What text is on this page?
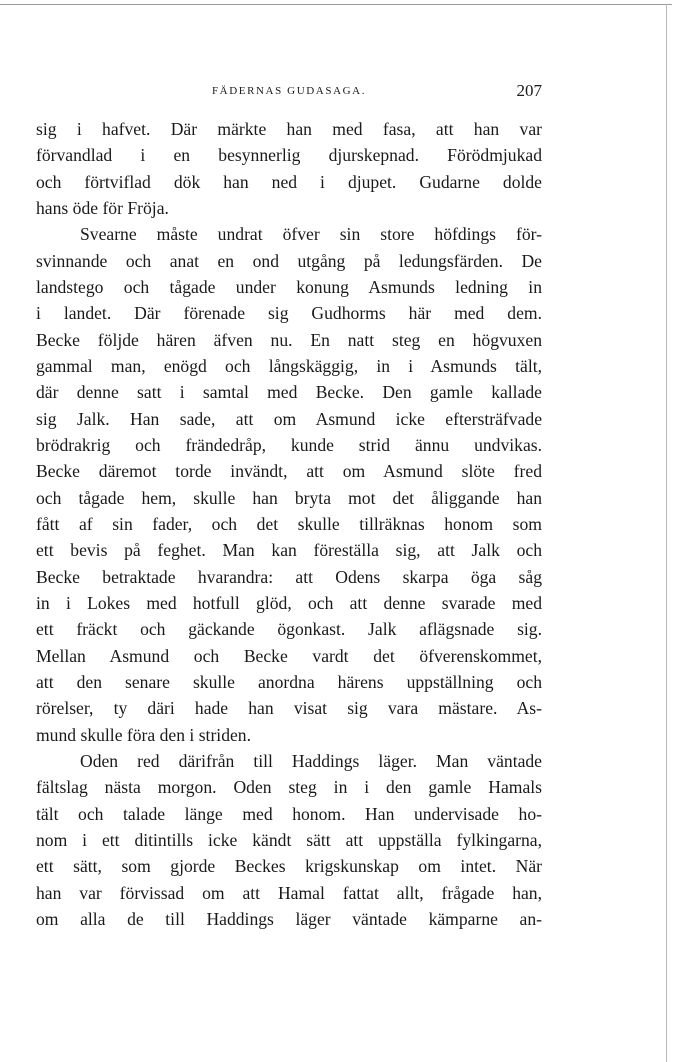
FÄDERNAS GUDASAGA.	207
sig i hafvet. Där märkte han med fasa, att han var
förvandlad i en besynnerlig djurskepnad. Förödmjukad
och förtviflad dök han ned i djupet. Gudarne dolde
hans öde för Fröja.
Svearne måste undrat öfver sin store höfdings för-
svinnande och anat en ond utgång på ledungsfärden. De
landstego och tågade under konung Asmunds ledning in
i landet. Där förenade sig Gudhorms här med dem.
Becke följde hären äfven nu. En natt steg en högvuxen
gammal man, enögd och långskäggig, in i Asmunds tält,
där denne satt i samtal med Becke. Den gamle kallade
sig Jalk. Han sade, att om Asmund icke eftersträfvade
brödrakrig och frändedråp, kunde strid ännu undvikas.
Becke däremot torde invändt, att om Asmund slöte fred
och tågade hem, skulle han bryta mot det åliggande han
fått af sin fader, och det skulle tillräknas honom som
ett bevis på feghet. Man kan föreställa sig, att Jalk och
Becke betraktade hvarandra: att Odens skarpa öga såg
in i Lokes med hotfull glöd, och att denne svarade med
ett fräckt och gäckande ögonkast. Jalk aflägsnade sig.
Mellan Asmund och Becke vardt det öfverenskommet,
att den senare skulle anordna härens uppställning och
rörelser, ty däri hade han visat sig vara mästare. As-
mund skulle föra den i striden.
Oden red därifrån till Haddings läger. Man väntade
fältslag nästa morgon. Oden steg in i den gamle Hamals
tält och talade länge med honom. Han undervisade ho-
nom i ett ditintills icke kändt sätt att uppställa fylkingarna,
ett sätt, som gjorde Beckes krigskunskap om intet. När
han var förvissad om att Hamal fattat allt, frågade han,
om alla de till Haddings läger väntade kämparne an-
